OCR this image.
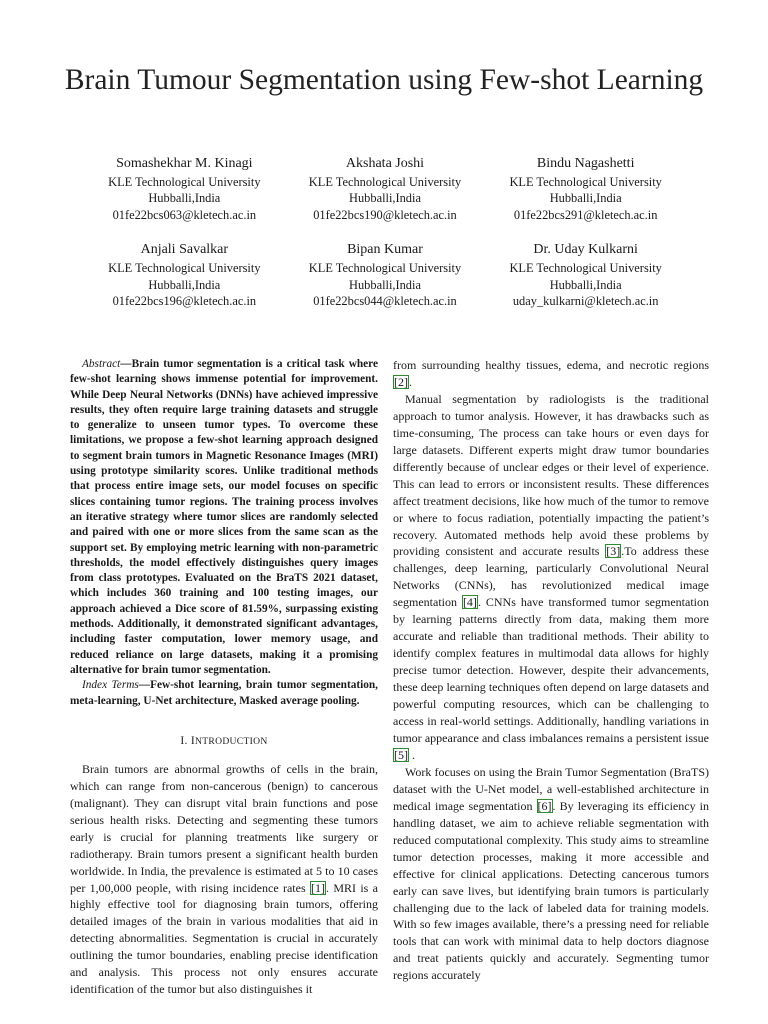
Brain Tumour Segmentation using Few-shot Learning
Somashekhar M. Kinagi
KLE Technological University
Hubballi,India
01fe22bcs063@kletech.ac.in
Akshata Joshi
KLE Technological University
Hubballi,India
01fe22bcs190@kletech.ac.in
Bindu Nagashetti
KLE Technological University
Hubballi,India
01fe22bcs291@kletech.ac.in
Anjali Savalkar
KLE Technological University
Hubballi,India
01fe22bcs196@kletech.ac.in
Bipan Kumar
KLE Technological University
Hubballi,India
01fe22bcs044@kletech.ac.in
Dr. Uday Kulkarni
KLE Technological University
Hubballi,India
uday_kulkarni@kletech.ac.in
Abstract—Brain tumor segmentation is a critical task where few-shot learning shows immense potential for improvement. While Deep Neural Networks (DNNs) have achieved impressive results, they often require large training datasets and struggle to generalize to unseen tumor types. To overcome these limitations, we propose a few-shot learning approach designed to segment brain tumors in Magnetic Resonance Images (MRI) using prototype similarity scores. Unlike traditional methods that process entire image sets, our model focuses on specific slices containing tumor regions. The training process involves an iterative strategy where tumor slices are randomly selected and paired with one or more slices from the same scan as the support set. By employing metric learning with non-parametric thresholds, the model effectively distinguishes query images from class prototypes. Evaluated on the BraTS 2021 dataset, which includes 360 training and 100 testing images, our approach achieved a Dice score of 81.59%, surpassing existing methods. Additionally, it demonstrated significant advantages, including faster computation, lower memory usage, and reduced reliance on large datasets, making it a promising alternative for brain tumor segmentation.
Index Terms—Few-shot learning, brain tumor segmentation, meta-learning, U-Net architecture, Masked average pooling.
I. INTRODUCTION

Brain tumors are abnormal growths of cells in the brain, which can range from non-cancerous (benign) to cancerous (malignant). They can disrupt vital brain functions and pose serious health risks. Detecting and segmenting these tumors early is crucial for planning treatments like surgery or radiotherapy. Brain tumors present a significant health burden worldwide. In India, the prevalence is estimated at 5 to 10 cases per 1,00,000 people, with rising incidence rates [1]. MRI is a highly effective tool for diagnosing brain tumors, offering detailed images of the brain in various modalities that aid in detecting abnormalities. Segmentation is crucial in accurately outlining the tumor boundaries, enabling precise identification and analysis. This process not only ensures accurate identification of the tumor but also distinguishes it

from surrounding healthy tissues, edema, and necrotic regions [2].

Manual segmentation by radiologists is the traditional approach to tumor analysis. However, it has drawbacks such as time-consuming, The process can take hours or even days for large datasets. Different experts might draw tumor boundaries differently because of unclear edges or their level of experience. This can lead to errors or inconsistent results. These differences affect treatment decisions, like how much of the tumor to remove or where to focus radiation, potentially impacting the patient’s recovery. Automated methods help avoid these problems by providing consistent and accurate results [3].To address these challenges, deep learning, particularly Convolutional Neural Networks (CNNs), has revolutionized medical image segmentation [4]. CNNs have transformed tumor segmentation by learning patterns directly from data, making them more accurate and reliable than traditional methods. Their ability to identify complex features in multimodal data allows for highly precise tumor detection. However, despite their advancements, these deep learning techniques often depend on large datasets and powerful computing resources, which can be challenging to access in real-world settings. Additionally, handling variations in tumor appearance and class imbalances remains a persistent issue [5] .

Work focuses on using the Brain Tumor Segmentation (BraTS) dataset with the U-Net model, a well-established architecture in medical image segmentation [6]. By leveraging its efficiency in handling dataset, we aim to achieve reliable segmentation with reduced computational complexity. This study aims to streamline tumor detection processes, making it more accessible and effective for clinical applications. Detecting cancerous tumors early can save lives, but identifying brain tumors is particularly challenging due to the lack of labeled data for training models. With so few images available, there’s a pressing need for reliable tools that can work with minimal data to help doctors diagnose and treat patients quickly and accurately. Segmenting tumor regions accurately
